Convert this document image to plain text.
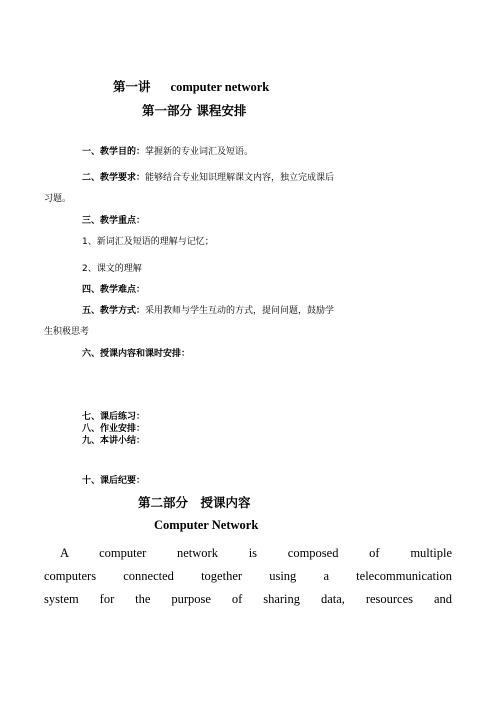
第一讲 computer network
第一部分 课程安排
一、教学目的：掌握新的专业词汇及短语。
二、教学要求：能够结合专业知识理解课文内容，独立完成课后
习题。
三、教学重点：
1、新词汇及短语的理解与记忆；
2、课文的理解
四、教学难点：
五、教学方式：采用教师与学生互动的方式，提问问题，鼓励学
生积极思考
六、授课内容和课时安排：
七、课后练习：
八、作业安排：
九、本讲小结：
十、课后纪要：
第二部分　授课内容
Computer Network
A computer network is composed of multiple
computers connected together using a telecommunication
system for the purpose of sharing data, resources and
